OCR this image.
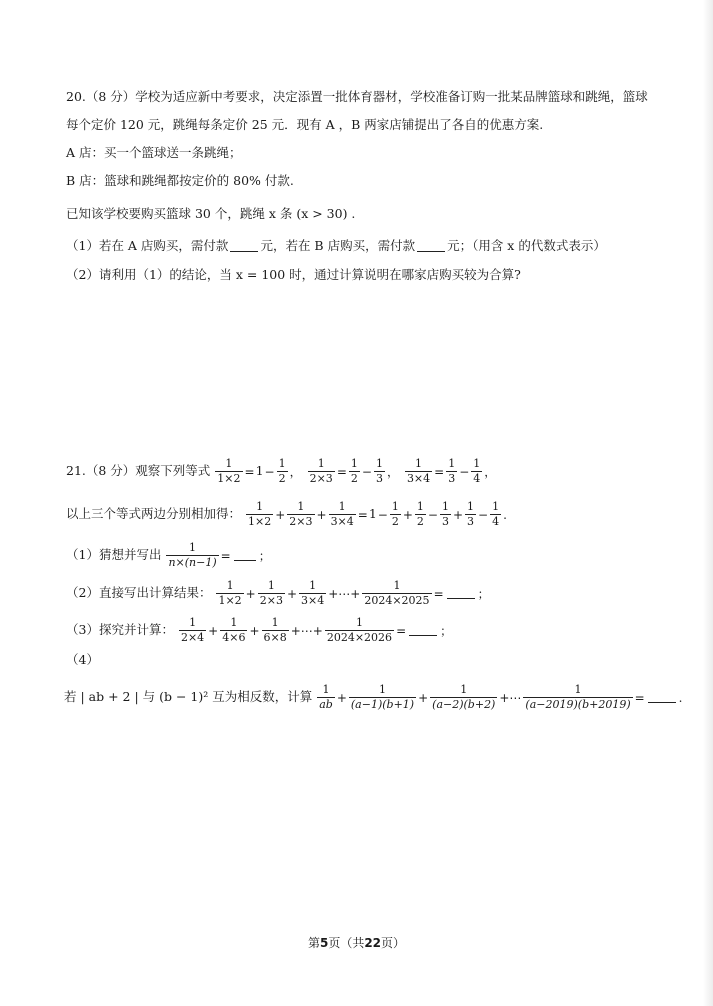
20.（8 分）学校为适应新中考要求，决定添置一批体育器材，学校准备订购一批某品牌篮球和跳绳，篮球
每个定价 120 元，跳绳每条定价 25 元．现有 A ，B 两家店铺提出了各自的优惠方案.
A 店：买一个篮球送一条跳绳；
B 店：篮球和跳绳都按定价的 80% 付款.
已知该学校要购买篮球 30 个，跳绳 x 条 (x > 30) .
（1）若在 A 店购买，需付款	元，若在 B 店购买，需付款	元；（用含 x 的代数式表示）
（2）请利用（1）的结论，当 x = 100 时，通过计算说明在哪家店购买较为合算?
21.（8 分）观察下列等式 $\frac{1}{1\times 2} =1- \frac{1}{2}$ ， $\frac{1}{2\times 3} = \frac{1}{2} - \frac{1}{3}$ ， $\frac{1}{3\times 4} = \frac{1}{3} - \frac{1}{4}$ ，
以上三个等式两边分别相加得： $\frac{1}{1\times 2} + \frac{1}{2\times 3} + \frac{1}{3\times 4} =1- \frac{1}{2} + \frac{1}{2} - \frac{1}{3} + \frac{1}{3} - \frac{1}{4}$ .
（1）猜想并写出 $\frac{1}{n\times(n-1)}$ = ；
（2）直接写出计算结果： $\frac{1}{1\times 2} + \frac{1}{2\times 3} + \frac{1}{3\times 4}$ +⋯+ $\frac{1}{2024\times 2025}$ =	；
（3）探究并计算： $\frac{1}{2\times 4} + \frac{1}{4\times 6} + \frac{1}{6\times 8}$ +⋯+ $\frac{1}{2024\times 2026}$ =	；
（4）
若 | ab + 2 | 与 (b − 1)² 互为相反数，计算 $\frac{1}{ab} + \frac{1}{(a-1)(b+1)} + \frac{1}{(a-2)(b+2)}$ +⋯ $\frac{1}{(a-2019)(b+2019)}$ =	.
第5页（共22页）
